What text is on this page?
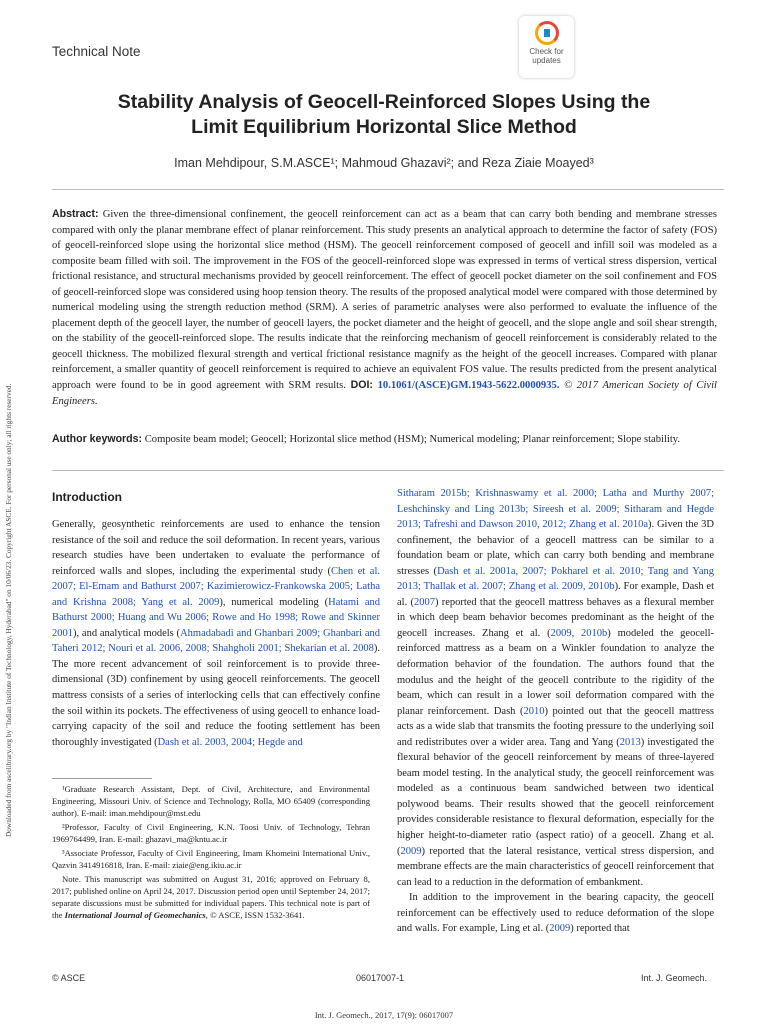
Technical Note	Check for
updates
Stability Analysis of Geocell-Reinforced Slopes Using the
Limit Equilibrium Horizontal Slice Method
Iman Mehdipour, S.M.ASCE¹; Mahmoud Ghazavi²; and Reza Ziaie Moayed³
Abstract: Given the three-dimensional confinement, the geocell reinforcement can act as a beam that can carry both bending and membrane stresses compared with only the planar membrane effect of planar reinforcement. This study presents an analytical approach to determine the factor of safety (FOS) of geocell-reinforced slope using the horizontal slice method (HSM). The geocell reinforcement composed of geocell and infill soil was modeled as a composite beam filled with soil. The improvement in the FOS of the geocell-reinforced slope was expressed in terms of vertical stress dispersion, vertical frictional resistance, and structural mechanisms provided by geocell reinforcement. The effect of geocell pocket diameter on the soil confinement and FOS of geocell-reinforced slope was considered using hoop tension theory. The results of the proposed analytical model were compared with those determined by numerical modeling using the strength reduction method (SRM). A series of parametric analyses were also performed to evaluate the influence of the placement depth of the geocell layer, the number of geocell layers, the pocket diameter and the height of geocell, and the slope angle and soil shear strength, on the stability of the geocell-reinforced slope. The results indicate that the reinforcing mechanism of geocell reinforcement is considerably related to the geocell thickness. The mobilized flexural strength and vertical frictional resistance magnify as the height of the geocell increases. Compared with planar reinforcement, a smaller quantity of geocell reinforcement is required to achieve an equivalent FOS value. The results predicted from the present analytical approach were found to be in good agreement with SRM results. DOI: 10.1061/(ASCE)GM.1943-5622.0000935. © 2017 American Society of Civil Engineers.
Author keywords: Composite beam model; Geocell; Horizontal slice method (HSM); Numerical modeling; Planar reinforcement; Slope stability.
Downloaded from ascelibrary.org by "Indian Institute of Technology, Hyderabad" on 10/06/23. Copyright ASCE. For personal use only; all rights reserved.	Introduction

Generally, geosynthetic reinforcements are used to enhance the tension resistance of the soil and reduce the soil deformation. In recent years, various research studies have been undertaken to evaluate the performance of reinforced walls and slopes, including the experimental study (Chen et al. 2007; El-Emam and Bathurst 2007; Kazimierowicz-Frankowska 2005; Latha and Krishna 2008; Yang et al. 2009), numerical modeling (Hatami and Bathurst 2000; Huang and Wu 2006; Rowe and Ho 1998; Rowe and Skinner 2001), and analytical models (Ahmadabadi and Ghanbari 2009; Ghanbari and Taheri 2012; Nouri et al. 2006, 2008; Shahgholi 2001; Shekarian et al. 2008). The more recent advancement of soil reinforcement is to provide three-dimensional (3D) confinement by using geocell reinforcements. The geocell mattress consists of a series of interlocking cells that can effectively confine the soil within its pockets. The effectiveness of using geocell to enhance load-carrying capacity of the soil and reduce the footing settlement has been thoroughly investigated (Dash et al. 2003, 2004; Hegde and

¹Graduate Research Assistant, Dept. of Civil, Architecture, and Environmental Engineering, Missouri Univ. of Science and Technology, Rolla, MO 65409 (corresponding author). E-mail: iman.mehdipour@mst.edu

²Professor, Faculty of Civil Engineering, K.N. Toosi Univ. of Technology, Tehran 1969764499, Iran. E-mail: ghazavi_ma@kntu.ac.ir

³Associate Professor, Faculty of Civil Engineering, Imam Khomeini International Univ., Qazvin 3414916818, Iran. E-mail: ziaie@eng.ikiu.ac.ir

Note. This manuscript was submitted on August 31, 2016; approved on February 8, 2017; published online on April 24, 2017. Discussion period open until September 24, 2017; separate discussions must be submitted for individual papers. This technical note is part of the International Journal of Geomechanics, © ASCE, ISSN 1532-3641.

Sitharam 2015b; Krishnaswamy et al. 2000; Latha and Murthy 2007; Leshchinsky and Ling 2013b; Sireesh et al. 2009; Sitharam and Hegde 2013; Tafreshi and Dawson 2010, 2012; Zhang et al. 2010a). Given the 3D confinement, the behavior of a geocell mattress can be similar to a foundation beam or plate, which can carry both bending and membrane stresses (Dash et al. 2001a, 2007; Pokharel et al. 2010; Tang and Yang 2013; Thallak et al. 2007; Zhang et al. 2009, 2010b). For example, Dash et al. (2007) reported that the geocell mattress behaves as a flexural member in which deep beam behavior becomes predominant as the height of the geocell increases. Zhang et al. (2009, 2010b) modeled the geocell-reinforced mattress as a beam on a Winkler foundation to analyze the deformation behavior of the foundation. The authors found that the modulus and the height of the geocell contribute to the rigidity of the beam, which can result in a lower soil deformation compared with the planar reinforcement. Dash (2010) pointed out that the geocell mattress acts as a wide slab that transmits the footing pressure to the underlying soil and redistributes over a wider area. Tang and Yang (2013) investigated the flexural behavior of the geocell reinforcement by means of three-layered beam model testing. In the analytical study, the geocell reinforcement was modeled as a continuous beam sandwiched between two identical polywood beams. Their results showed that the geocell reinforcement provides considerable resistance to flexural deformation, especially for the higher height-to-diameter ratio (aspect ratio) of a geocell. Zhang et al. (2009) reported that the lateral resistance, vertical stress dispersion, and membrane effects are the main characteristics of geocell reinforcement that can lead to a reduction in the deformation of embankment.

In addition to the improvement in the bearing capacity, the geocell reinforcement can be effectively used to reduce deformation of the slope and walls. For example, Ling et al. (2009) reported that

© ASCE	06017007-1	Int. J. Geomech.
Int. J. Geomech., 2017, 17(9): 06017007
